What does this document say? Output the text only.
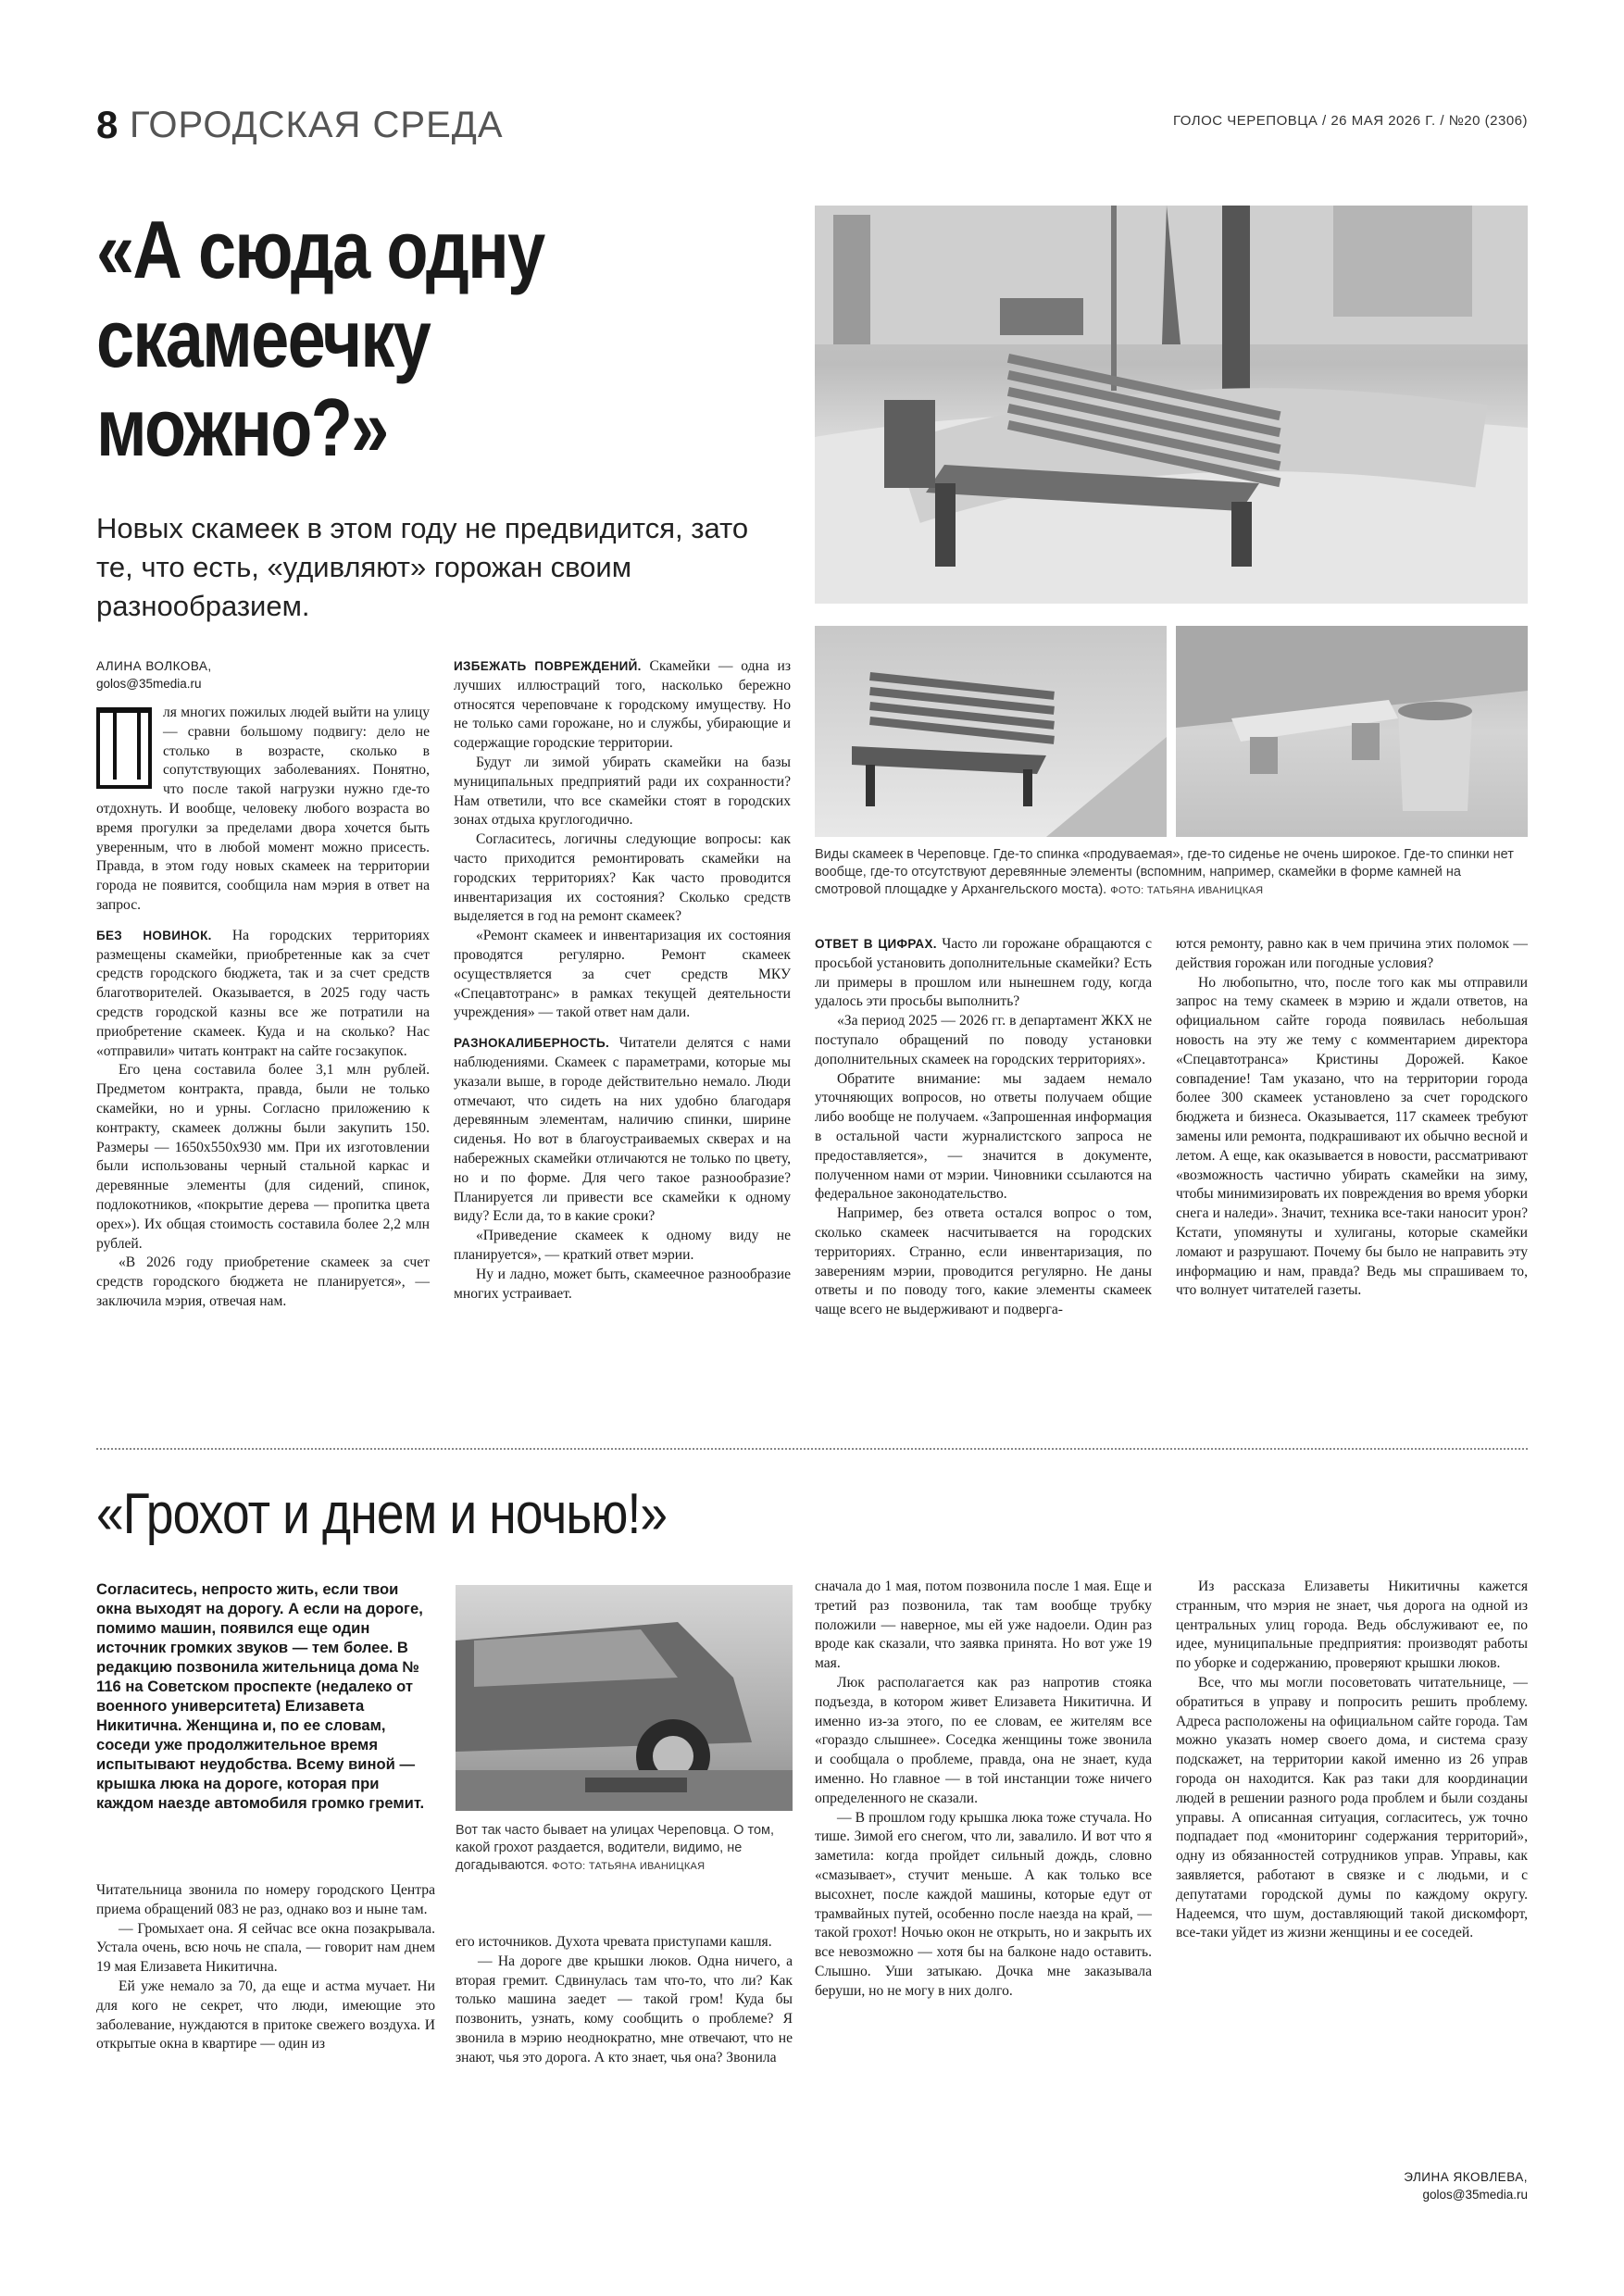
8 ГОРОДСКАЯ СРЕДА	ГОЛОС ЧЕРЕПОВЦА / 26 МАЯ 2026 Г. / №20 (2306)
«А сюда одну скамеечку можно?»
Новых скамеек в этом году не предвидится, зато те, что есть, «удивляют» горожан своим разнообразием.
Виды скамеек в Череповце. Где-то спинка «продуваемая», где-то сиденье не очень широкое. Где-то спинки нет вообще, где-то отсутствуют деревянные элементы (вспомним, например, скамейки в форме камней на смотровой площадке у Архангельского моста). ФОТО: ТАТЬЯНА ИВАНИЦКАЯ
АЛИНА ВОЛКОВА,
golos@35media.ru

ля многих пожилых людей выйти на улицу — сравни большому подвигу: дело не столько в возрасте, сколько в сопутствующих заболеваниях. Понятно, что после такой нагрузки нужно где-то отдохнуть. И вообще, человеку любого возраста во время прогулки за пределами двора хочется быть уверенным, что в любой момент можно присесть. Правда, в этом году новых скамеек на территории города не появится, сообщила нам мэрия в ответ на запрос.

БЕЗ НОВИНОК. На городских территориях размещены скамейки, приобретенные как за счет средств городского бюджета, так и за счет средств благотворителей. Оказывается, в 2025 году часть средств городской казны все же потратили на приобретение скамеек. Куда и на сколько? Нас «отправили» читать контракт на сайте госзакупок.

Его цена составила более 3,1 млн рублей. Предметом контракта, правда, были не только скамейки, но и урны. Согласно приложению к контракту, скамеек должны были закупить 150. Размеры — 1650х550х930 мм. При их изготовлении были использованы черный стальной каркас и деревянные элементы (для сидений, спинок, подлокотников, «покрытие дерева — пропитка цвета орех»). Их общая стоимость составила более 2,2 млн рублей.

«В 2026 году приобретение скамеек за счет средств городского бюджета не планируется», — заключила мэрия, отвечая нам.

ИЗБЕЖАТЬ ПОВРЕЖДЕНИЙ. Скамейки — одна из лучших иллюстраций того, насколько бережно относятся череповчане к городскому имуществу. Но не только сами горожане, но и службы, убирающие и содержащие городские территории.

Будут ли зимой убирать скамейки на базы муниципальных предприятий ради их сохранности? Нам ответили, что все скамейки стоят в городских зонах отдыха круглогодично.

Согласитесь, логичны следующие вопросы: как часто приходится ремонтировать скамейки на городских территориях? Как часто проводится инвентаризация их состояния? Сколько средств выделяется в год на ремонт скамеек?

«Ремонт скамеек и инвентаризация их состояния проводятся регулярно. Ремонт скамеек осуществляется за счет средств МКУ «Спецавтотранс» в рамках текущей деятельности учреждения» — такой ответ нам дали.

РАЗНОКАЛИБЕРНОСТЬ. Читатели делятся с нами наблюдениями. Скамеек с параметрами, которые мы указали выше, в городе действительно немало. Люди отмечают, что сидеть на них удобно благодаря деревянным элементам, наличию спинки, ширине сиденья. Но вот в благоустраиваемых скверах и на набережных скамейки отличаются не только по цвету, но и по форме. Для чего такое разнообразие? Планируется ли привести все скамейки к одному виду? Если да, то в какие сроки?

«Приведение скамеек к одному виду не планируется», — краткий ответ мэрии.

Ну и ладно, может быть, скамеечное разнообразие многих устраивает.

ОТВЕТ В ЦИФРАХ. Часто ли горожане обращаются с просьбой установить дополнительные скамейки? Есть ли примеры в прошлом или нынешнем году, когда удалось эти просьбы выполнить?

«За период 2025 — 2026 гг. в департамент ЖКХ не поступало обращений по поводу установки дополнительных скамеек на городских территориях».

Обратите внимание: мы задаем немало уточняющих вопросов, но ответы получаем общие либо вообще не получаем. «Запрошенная информация в остальной части журналистского запроса не предоставляется», — значится в документе, полученном нами от мэрии. Чиновники ссылаются на федеральное законодательство.

Например, без ответа остался вопрос о том, сколько скамеек насчитывается на городских территориях. Странно, если инвентаризация, по заверениям мэрии, проводится регулярно. Не даны ответы и по поводу того, какие элементы скамеек чаще всего не выдерживают и подверга-

ются ремонту, равно как в чем причина этих поломок — действия горожан или погодные условия?

Но любопытно, что, после того как мы отправили запрос на тему скамеек в мэрию и ждали ответов, на официальном сайте города появилась небольшая новость на эту же тему с комментарием директора «Спецавтотранса» Кристины Дорожей. Какое совпадение! Там указано, что на территории города более 300 скамеек установлено за счет городского бюджета и бизнеса. Оказывается, 117 скамеек требуют замены или ремонта, подкрашивают их обычно весной и летом. А еще, как оказывается в новости, рассматривают «возможность частично убирать скамейки на зиму, чтобы минимизировать их повреждения во время уборки снега и наледи». Значит, техника все-таки наносит урон? Кстати, упомянуты и хулиганы, которые скамейки ломают и разрушают. Почему бы было не направить эту информацию и нам, правда? Ведь мы спрашиваем то, что волнует читателей газеты.

«Грохот и днем и ночью!»
Согласитесь, непросто жить, если твои окна выходят на дорогу. А если на дороге, помимо машин, появился еще один источник громких звуков — тем более. В редакцию позвонила жительница дома № 116 на Советском проспекте (недалеко от военного университета) Елизавета Никитична. Женщина и, по ее словам, соседи уже продолжительное время испытывают неудобства. Всему виной — крышка люка на дороге, которая при каждом наезде автомобиля громко гремит.

Читательница звонила по номеру городского Центра приема обращений 083 не раз, однако воз и ныне там.

— Громыхает она. Я сейчас все окна позакрывала. Устала очень, всю ночь не спала, — говорит нам днем 19 мая Елизавета Никитична.

Ей уже немало за 70, да еще и астма мучает. Ни для кого не секрет, что люди, имеющие это заболевание, нуждаются в притоке свежего воздуха. И открытые окна в квартире — один из

Вот так часто бывает на улицах Череповца. О том, какой грохот раздается, водители, видимо, не догадываются. ФОТО: ТАТЬЯНА ИВАНИЦКАЯ

его источников. Духота чревата приступами кашля.

— На дороге две крышки люков. Одна ничего, а вторая гремит. Сдвинулась там что-то, что ли? Как только машина заедет — такой гром! Куда бы позвонить, узнать, кому сообщить о проблеме? Я звонила в мэрию неоднократно, мне отвечают, что не знают, чья это дорога. А кто знает, чья она? Звонила

сначала до 1 мая, потом позвонила после 1 мая. Еще и третий раз позвонила, так там вообще трубку положили — наверное, мы ей уже надоели. Один раз вроде как сказали, что заявка принята. Но вот уже 19 мая.

Люк располагается как раз напротив стояка подъезда, в котором живет Елизавета Никитична. И именно из-за этого, по ее словам, ее жителям все «гораздо слышнее». Соседка женщины тоже звонила и сообщала о проблеме, правда, она не знает, куда именно. Но главное — в той инстанции тоже ничего определенного не сказали.

— В прошлом году крышка люка тоже стучала. Но тише. Зимой его снегом, что ли, завалило. И вот что я заметила: когда пройдет сильный дождь, словно «смазывает», стучит меньше. А как только все высохнет, после каждой машины, которые едут от трамвайных путей, особенно после наезда на край, — такой грохот! Ночью окон не открыть, но и закрыть их все невозможно — хотя бы на балконе надо оставить. Слышно. Уши затыкаю. Дочка мне заказывала беруши, но не могу в них долго.

Из рассказа Елизаветы Никитичны кажется странным, что мэрия не знает, чья дорога на одной из центральных улиц города. Ведь обслуживают ее, по идее, муниципальные предприятия: производят работы по уборке и содержанию, проверяют крышки люков.

Все, что мы могли посоветовать читательнице, — обратиться в управу и попросить решить проблему. Адреса расположены на официальном сайте города. Там можно указать номер своего дома, и система сразу подскажет, на территории какой именно из 26 управ города он находится. Как раз таки для координации людей в решении разного рода проблем и были созданы управы. А описанная ситуация, согласитесь, уж точно подпадает под «мониторинг содержания территорий», одну из обязанностей сотрудников управ. Управы, как заявляется, работают в связке и с людьми, и с депутатами городской думы по каждому округу. Надеемся, что шум, доставляющий такой дискомфорт, все-таки уйдет из жизни женщины и ее соседей.

ЭЛИНА ЯКОВЛЕВА,
golos@35media.ru
